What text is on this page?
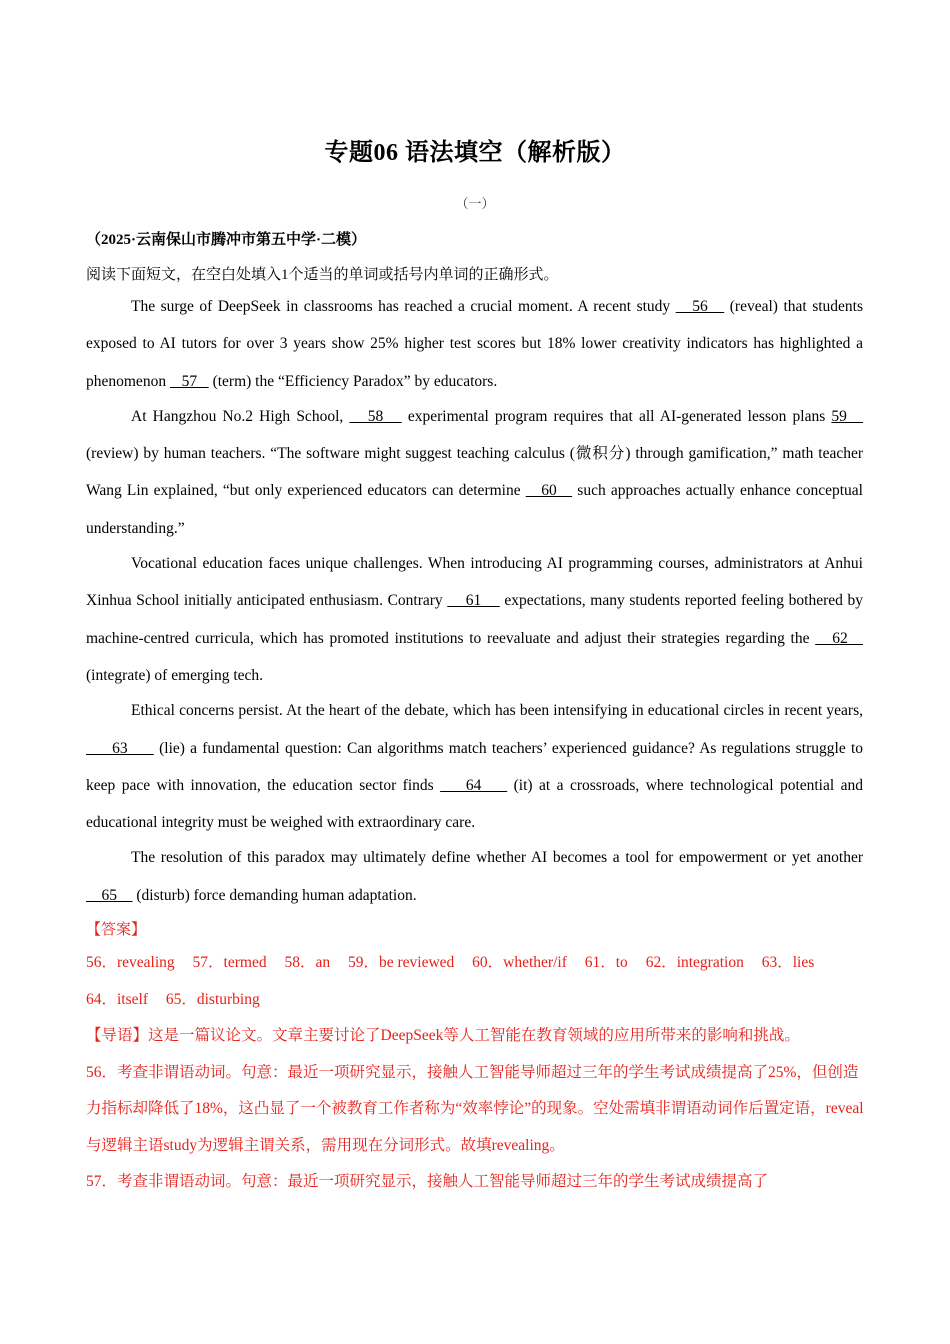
专题06 语法填空（解析版）
（一）
（2025·云南保山市腾冲市第五中学·二模）
阅读下面短文，在空白处填入1个适当的单词或括号内单词的正确形式。

The surge of DeepSeek in classrooms has reached a crucial moment. A recent study    56    (reveal) that students exposed to AI tutors for over 3 years show 25% higher test scores but 18% lower creativity indicators has highlighted a phenomenon    57    (term) the “Efficiency Paradox” by educators.

At Hangzhou No.2 High School,    58    experimental program requires that all AI-generated lesson plans 59    (review) by human teachers. “The software might suggest teaching calculus (微积分) through gamification,” math teacher Wang Lin explained, “but only experienced educators can determine    60    such approaches actually enhance conceptual understanding.”

Vocational education faces unique challenges. When introducing AI programming courses, administrators at Anhui Xinhua School initially anticipated enthusiasm. Contrary     61     expectations, many students reported feeling bothered by machine-centred curricula, which has promoted institutions to reevaluate and adjust their strategies regarding the    62    (integrate) of emerging tech.

Ethical concerns persist. At the heart of the debate, which has been intensifying in educational circles in recent years,      63      (lie) a fundamental question: Can algorithms match teachers’ experienced guidance? As regulations struggle to keep pace with innovation, the education sector finds     64     (it) at a crossroads, where technological potential and educational integrity must be weighed with extraordinary care.

The resolution of this paradox may ultimately define whether AI becomes a tool for empowerment or yet another     65     (disturb) force demanding human adaptation.

【答案】
56．revealing 57．termed 58．an 59．be reviewed 60．whether/if 61．to 62．integration 63．lies
64．itself 65．disturbing

【导语】这是一篇议论文。文章主要讨论了DeepSeek等人工智能在教育领域的应用所带来的影响和挑战。

56．考查非谓语动词。句意：最近一项研究显示，接触人工智能导师超过三年的学生考试成绩提高了25%，但创造力指标却降低了18%，这凸显了一个被教育工作者称为“效率悖论”的现象。空处需填非谓语动词作后置定语，reveal与逻辑主语study为逻辑主谓关系，需用现在分词形式。故填revealing。

57．考查非谓语动词。句意：最近一项研究显示，接触人工智能导师超过三年的学生考试成绩提高了
